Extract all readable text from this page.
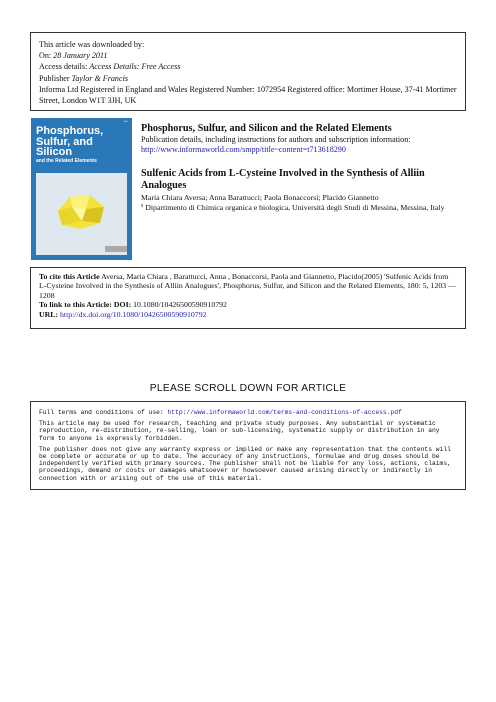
This article was downloaded by:
On: 28 January 2011
Access details: Access Details: Free Access
Publisher Taylor & Francis
Informa Ltd Registered in England and Wales Registered Number: 1072954 Registered office: Mortimer House, 37-41 Mortimer Street, London W1T 3JH, UK
▪▪▪▪▪
Phosphorus, Sulfur, and Silicon
and the Related Elements
Phosphorus, Sulfur, and Silicon and the Related Elements
Publication details, including instructions for authors and subscription information:
http://www.informaworld.com/smpp/title~content=t713618290
Sulfenic Acids from L-Cysteine Involved in the Synthesis of Alliin Analogues
Maria Chiara Aversa; Anna Barattucci; Paola Bonaccorsi; Placido Giannetto
$^a$ Dipartimento di Chimica organica e biologica, Università degli Studi di Messina, Messina, Italy
To cite this Article Aversa, Maria Chiara , Barattucci, Anna , Bonaccorsi, Paola and Giannetto, Placido(2005) 'Sulfenic Acids from L-Cysteine Involved in the Synthesis of Alliin Analogues', Phosphorus, Sulfur, and Silicon and the Related Elements, 180: 5, 1203 — 1208
To link to this Article: DOI: 10.1080/10426500590910792
URL: http://dx.doi.org/10.1080/10426500590910792
PLEASE SCROLL DOWN FOR ARTICLE

Full terms and conditions of use: http://www.informaworld.com/terms-and-conditions-of-access.pdf

This article may be used for research, teaching and private study purposes. Any substantial or systematic reproduction, re-distribution, re-selling, loan or sub-licensing, systematic supply or distribution in any form to anyone is expressly forbidden.

The publisher does not give any warranty express or implied or make any representation that the contents will be complete or accurate or up to date. The accuracy of any instructions, formulae and drug doses should be independently verified with primary sources. The publisher shall not be liable for any loss, actions, claims, proceedings, demand or costs or damages whatsoever or howsoever caused arising directly or indirectly in connection with or arising out of the use of this material.
